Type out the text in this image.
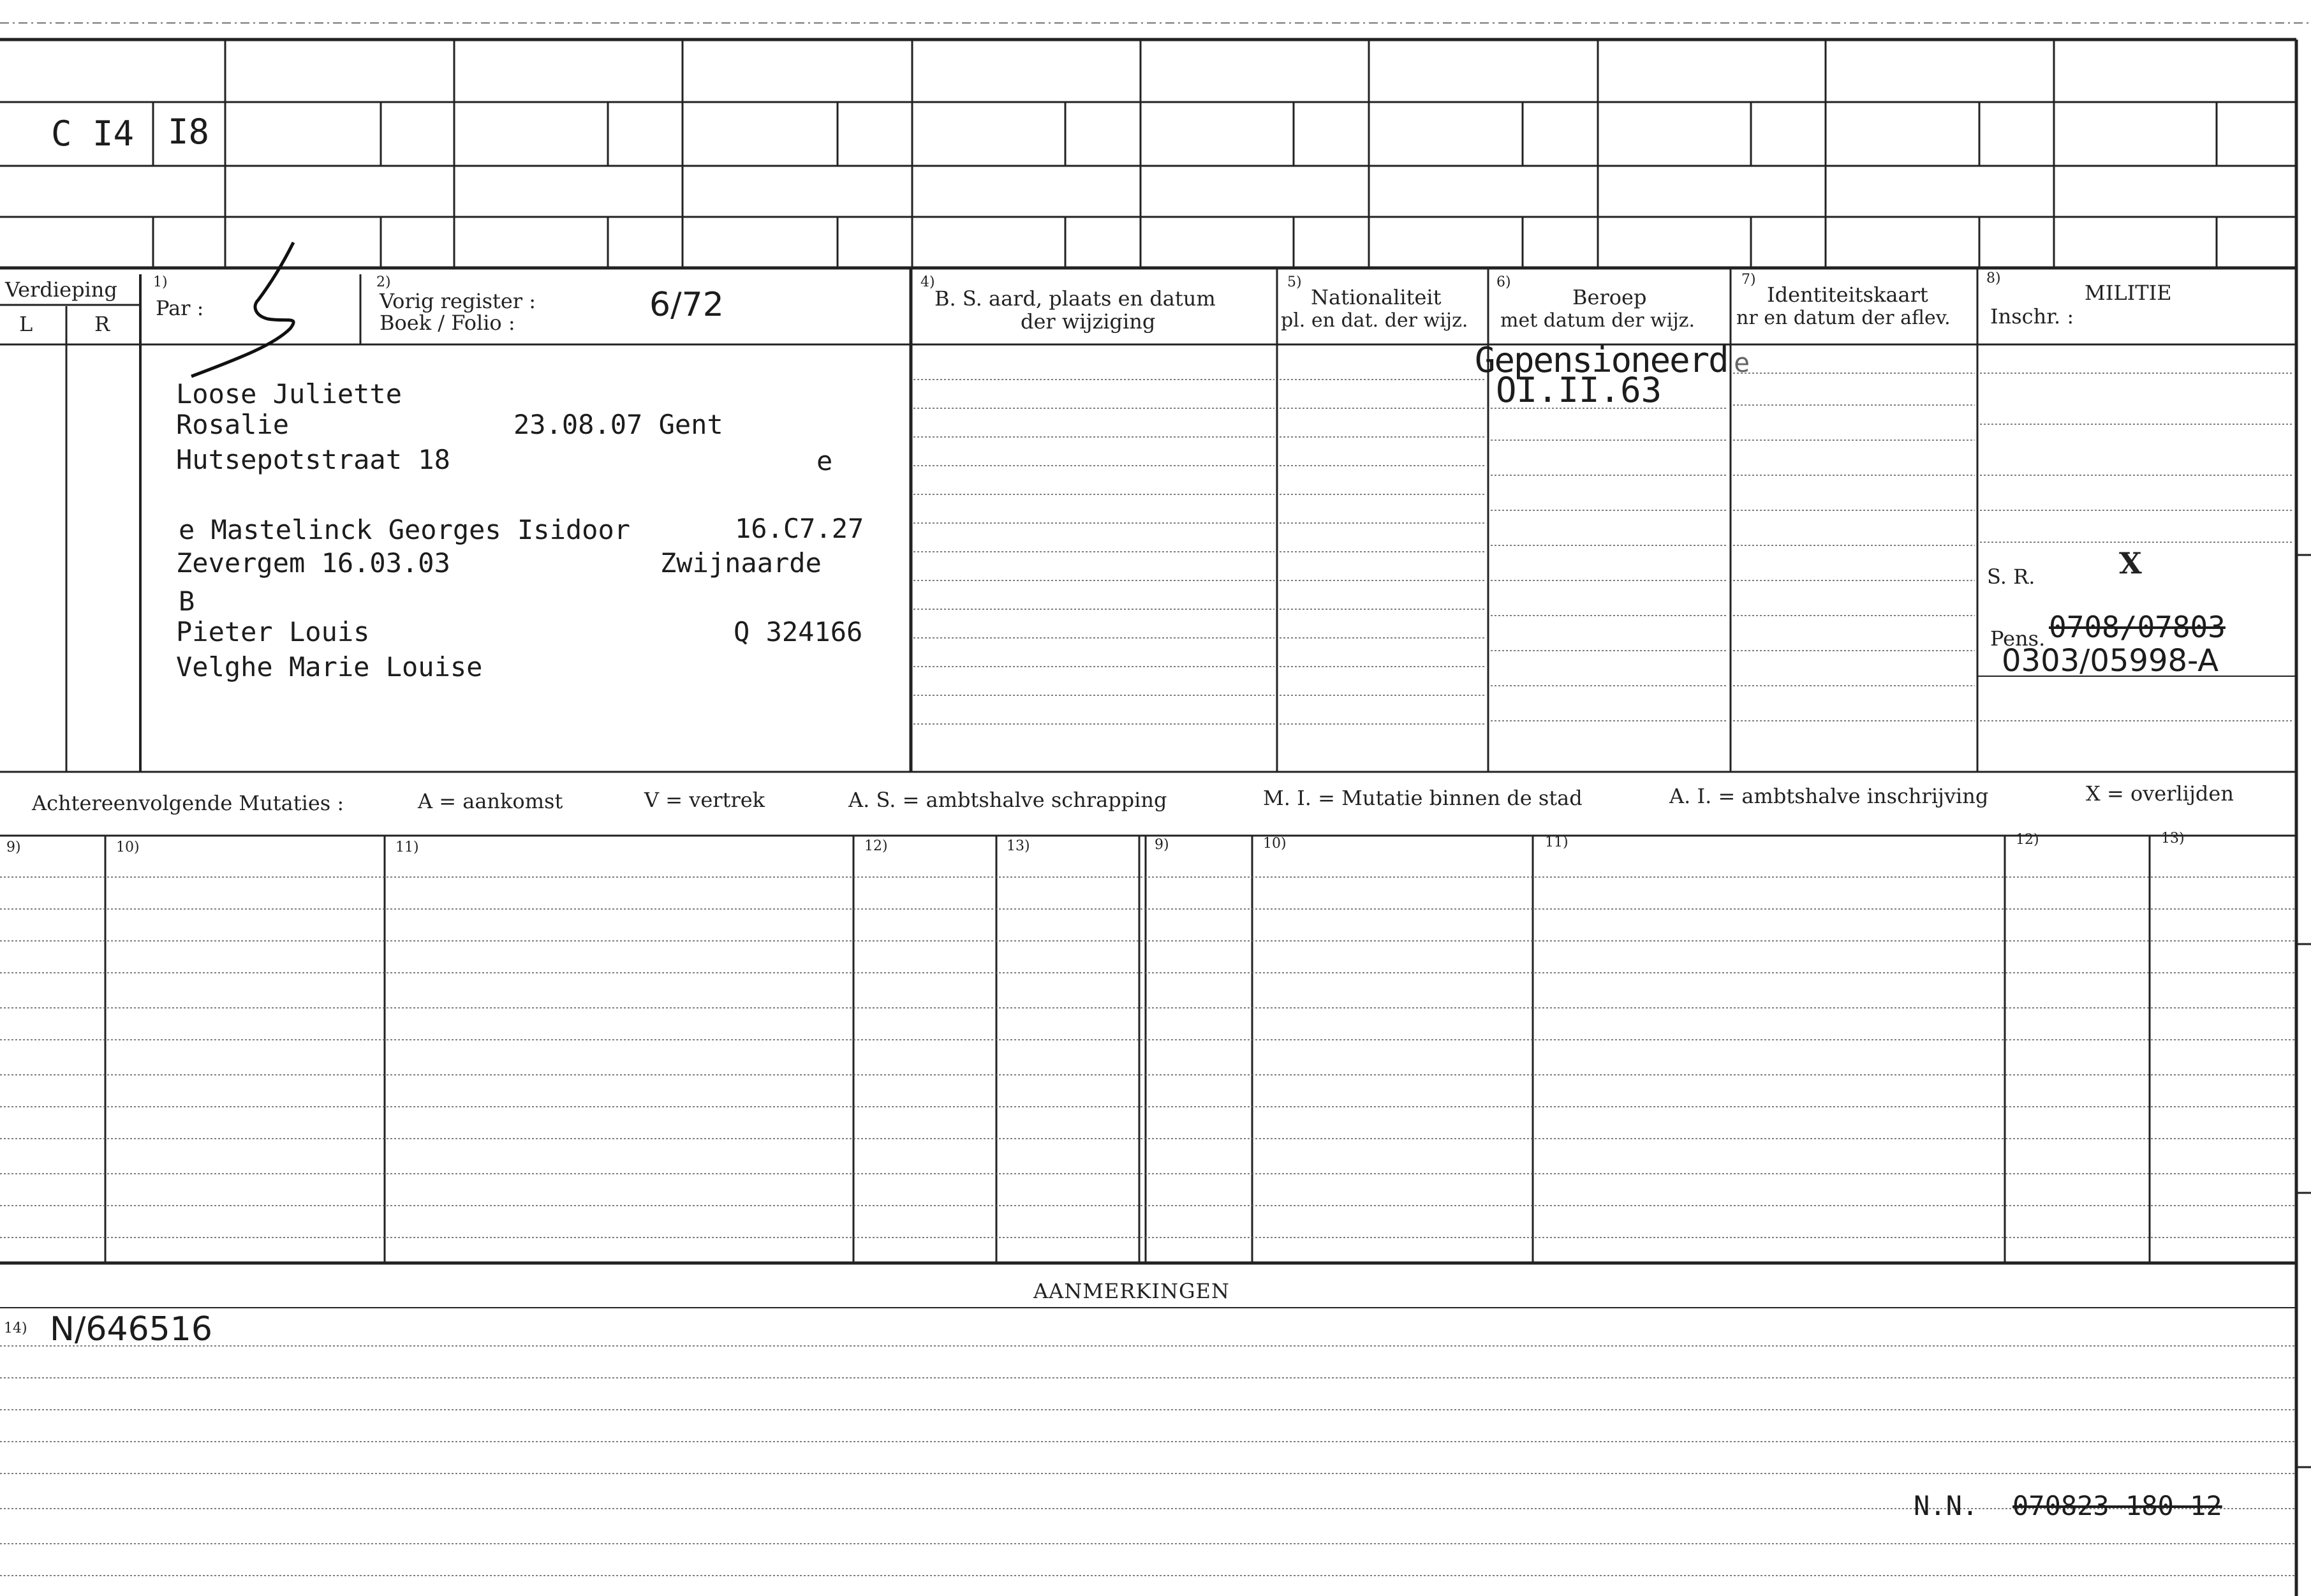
C I4 I8
Verdieping
L	R
1)
Par :
2)
Vorig register :
Boek / Folio :	6/72
4)
B. S. aard, plaats en datum
der wijziging
5)
Nationaliteit
pl. en dat. der wijz.
6)
Beroep
met datum der wijz.
7)
Identiteitskaart
nr en datum der aflev.
8)
MILITIE
Inschr. :
Loose Juliette
Rosalie	23.08.07 Gent
Hutsepotstraat 18	e
e Mastelinck Georges Isidoor	16.C7.27
Zevergem 16.03.03	Zwijnaarde
B
Pieter Louis	Q 324166
Velghe Marie Louise
Gepensioneerd e
OI.II.63
S. R.	X
Pens. 0708/07803
0303/05998-A
Achtereenvolgende Mutaties :	A = aankomst	V = vertrek	A. S. = ambtshalve schrapping	M. I. = Mutatie binnen de stad	A. I. = ambtshalve inschrijving	X = overlijden
9)	10)	11)	12)	13)	9)	10)	11)	12)	13)
AANMERKINGEN
14) N/646516
N.N. 070823 180 12
